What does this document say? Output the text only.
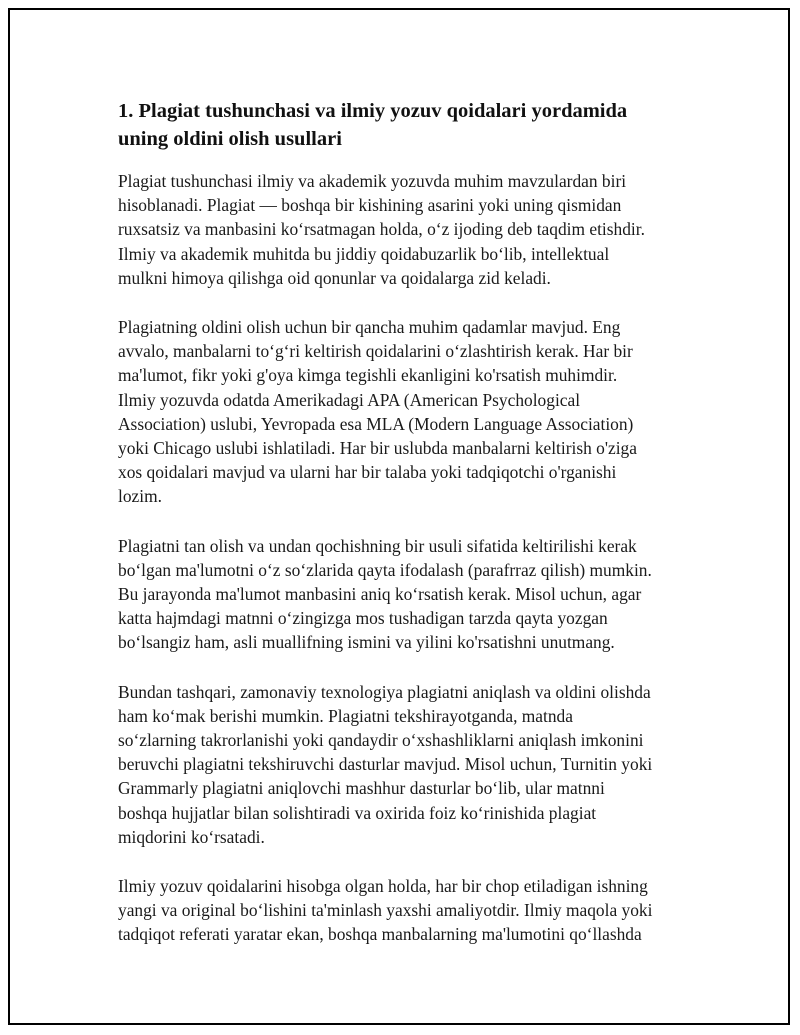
1. Plagiat tushunchasi va ilmiy yozuv qoidalari yordamida
uning oldini olish usullari

Plagiat tushunchasi ilmiy va akademik yozuvda muhim mavzulardan biri
hisoblanadi. Plagiat — boshqa bir kishining asarini yoki uning qismidan
ruxsatsiz va manbasini koʻrsatmagan holda, oʻz ijoding deb taqdim etishdir.
Ilmiy va akademik muhitda bu jiddiy qoidabuzarlik boʻlib, intellektual
mulkni himoya qilishga oid qonunlar va qoidalarga zid keladi.

Plagiatning oldini olish uchun bir qancha muhim qadamlar mavjud. Eng
avvalo, manbalarni toʻgʻri keltirish qoidalarini oʻzlashtirish kerak. Har bir
ma'lumot, fikr yoki g'oya kimga tegishli ekanligini ko'rsatish muhimdir.
Ilmiy yozuvda odatda Amerikadagi APA (American Psychological
Association) uslubi, Yevropada esa MLA (Modern Language Association)
yoki Chicago uslubi ishlatiladi. Har bir uslubda manbalarni keltirish o'ziga
xos qoidalari mavjud va ularni har bir talaba yoki tadqiqotchi o'rganishi
lozim.

Plagiatni tan olish va undan qochishning bir usuli sifatida keltirilishi kerak
boʻlgan ma'lumotni oʻz soʻzlarida qayta ifodalash (parafrraz qilish) mumkin.
Bu jarayonda ma'lumot manbasini aniq koʻrsatish kerak. Misol uchun, agar
katta hajmdagi matnni oʻzingizga mos tushadigan tarzda qayta yozgan
boʻlsangiz ham, asli muallifning ismini va yilini ko'rsatishni unutmang.

Bundan tashqari, zamonaviy texnologiya plagiatni aniqlash va oldini olishda
ham koʻmak berishi mumkin. Plagiatni tekshirayotganda, matnda
soʻzlarning takrorlanishi yoki qandaydir oʻxshashliklarni aniqlash imkonini
beruvchi plagiatni tekshiruvchi dasturlar mavjud. Misol uchun, Turnitin yoki
Grammarly plagiatni aniqlovchi mashhur dasturlar boʻlib, ular matnni
boshqa hujjatlar bilan solishtiradi va oxirida foiz koʻrinishida plagiat
miqdorini koʻrsatadi.

Ilmiy yozuv qoidalarini hisobga olgan holda, har bir chop etiladigan ishning
yangi va original boʻlishini ta'minlash yaxshi amaliyotdir. Ilmiy maqola yoki
tadqiqot referati yaratar ekan, boshqa manbalarning ma'lumotini qoʻllashda
